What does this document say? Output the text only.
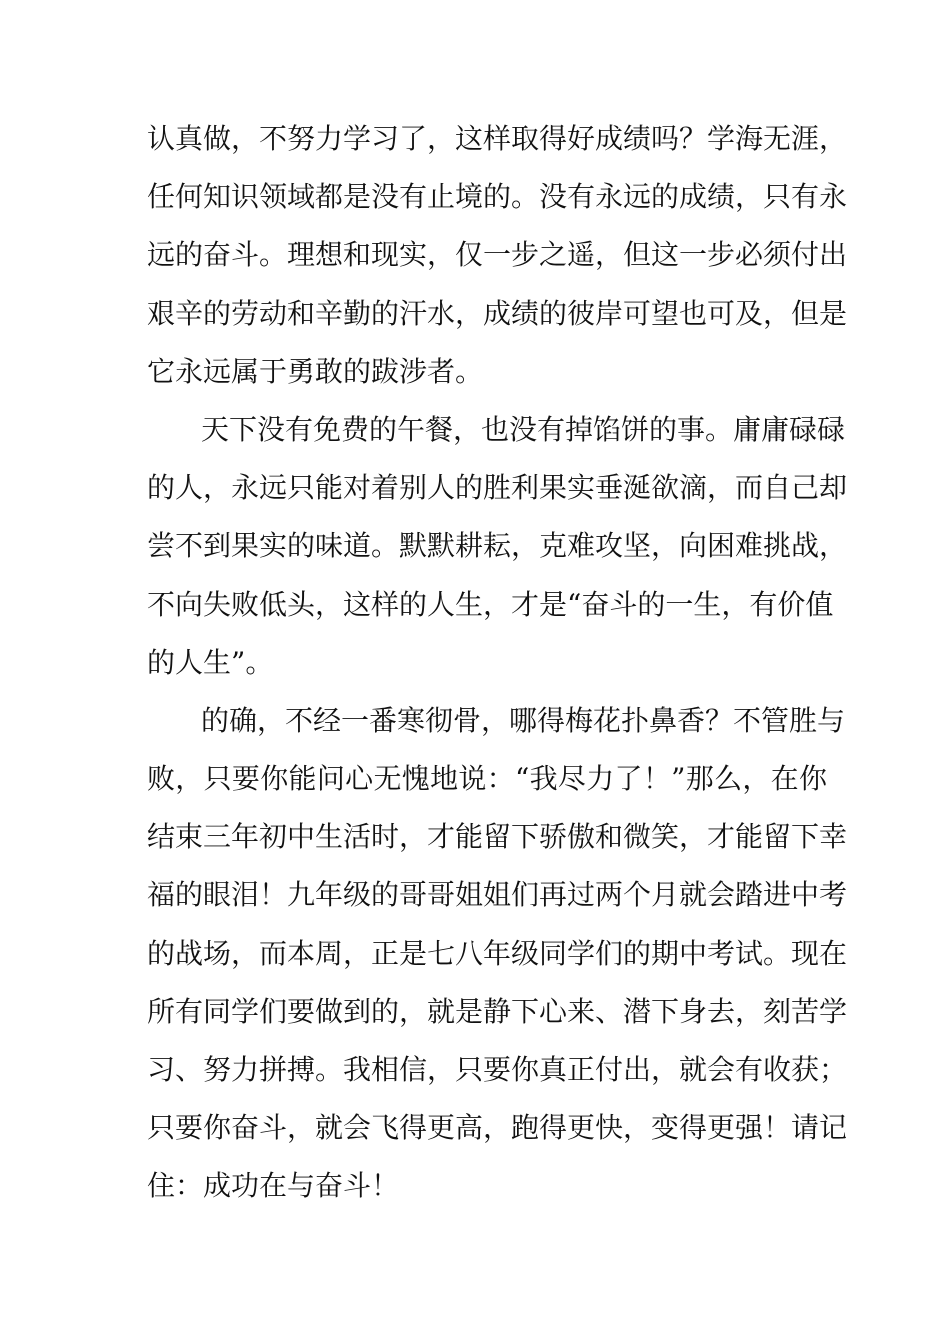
认真做，不努力学习了，这样取得好成绩吗？学海无涯，
任何知识领域都是没有止境的。没有永远的成绩，只有永
远的奋斗。理想和现实，仅一步之遥，但这一步必须付出
艰辛的劳动和辛勤的汗水，成绩的彼岸可望也可及，但是
它永远属于勇敢的跋涉者。
天下没有免费的午餐，也没有掉馅饼的事。庸庸碌碌
的人，永远只能对着别人的胜利果实垂涎欲滴，而自己却
尝不到果实的味道。默默耕耘，克难攻坚，向困难挑战，
不向失败低头，这样的人生，才是“奋斗的一生，有价值
的人生”。
的确，不经一番寒彻骨，哪得梅花扑鼻香？不管胜与
败，只要你能问心无愧地说：“我尽力了！”那么，在你
结束三年初中生活时，才能留下骄傲和微笑，才能留下幸
福的眼泪！九年级的哥哥姐姐们再过两个月就会踏进中考
的战场，而本周，正是七八年级同学们的期中考试。现在
所有同学们要做到的，就是静下心来、潜下身去，刻苦学
习、努力拼搏。我相信，只要你真正付出，就会有收获；
只要你奋斗，就会飞得更高，跑得更快，变得更强！请记
住：成功在与奋斗！
